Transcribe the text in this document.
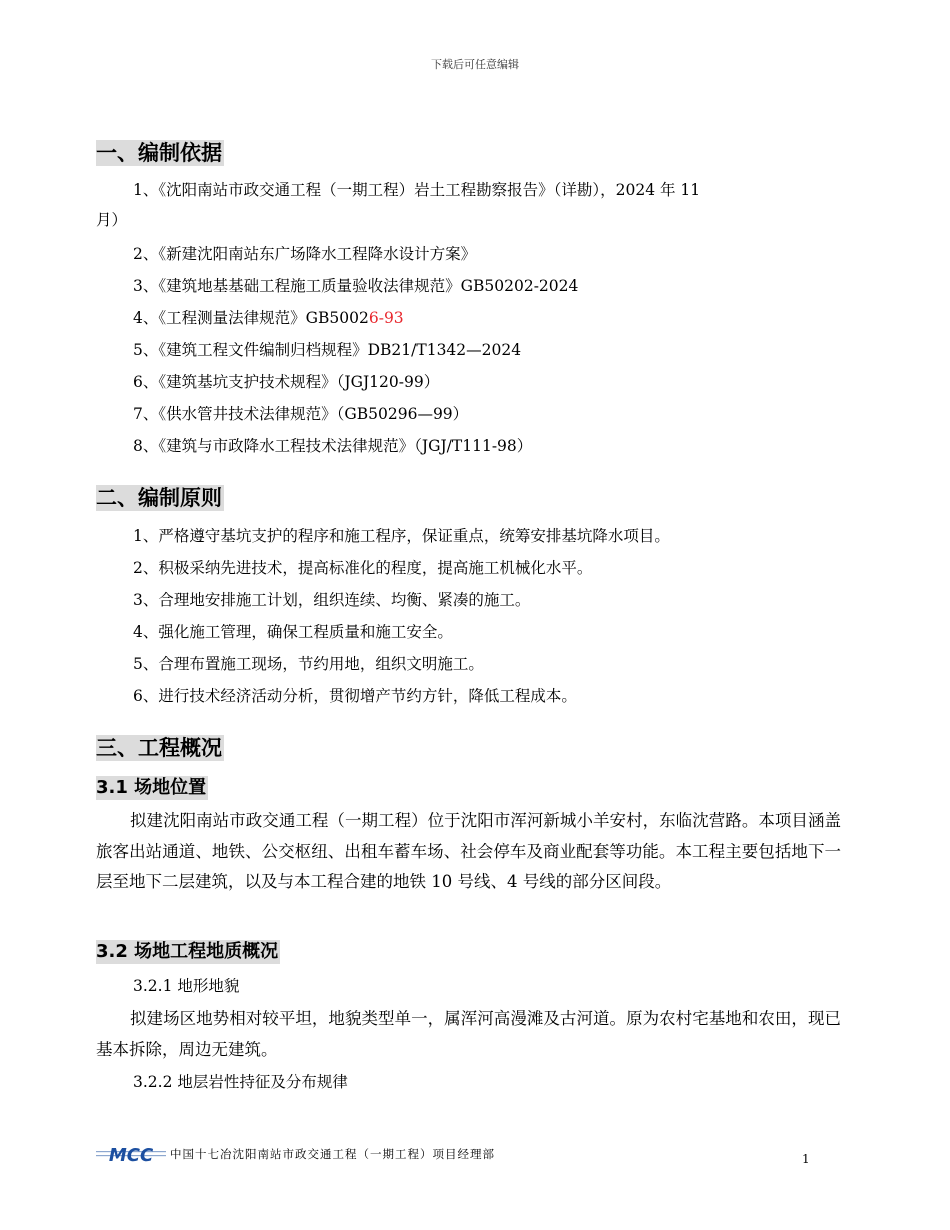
下载后可任意编辑
一、编制依据
1、《沈阳南站市政交通工程（一期工程）岩土工程勘察报告》（详勘），2024 年 11
月）
2、《新建沈阳南站东广场降水工程降水设计方案》
3、《建筑地基基础工程施工质量验收法律规范》GB50202-2024
4、《工程测量法律规范》GB50026-93
5、《建筑工程文件编制归档规程》DB21/T1342—2024
6、《建筑基坑支护技术规程》（JGJ120-99）
7、《供水管井技术法律规范》（GB50296—99）
8、《建筑与市政降水工程技术法律规范》（JGJ/T111-98）
二、编制原则
1、严格遵守基坑支护的程序和施工程序，保证重点，统筹安排基坑降水项目。
2、积极采纳先进技术，提高标准化的程度，提高施工机械化水平。
3、合理地安排施工计划，组织连续、均衡、紧凑的施工。
4、强化施工管理，确保工程质量和施工安全。
5、合理布置施工现场，节约用地，组织文明施工。
6、进行技术经济活动分析，贯彻增产节约方针，降低工程成本。
三、工程概况
3.1 场地位置
拟建沈阳南站市政交通工程（一期工程）位于沈阳市浑河新城小羊安村，东临沈营路。本项目涵盖旅客出站通道、地铁、公交枢纽、出租车蓄车场、社会停车及商业配套等功能。本工程主要包括地下一层至地下二层建筑，以及与本工程合建的地铁 10 号线、4 号线的部分区间段。
3.2 场地工程地质概况
3.2.1 地形地貌
拟建场区地势相对较平坦，地貌类型单一，属浑河高漫滩及古河道。原为农村宅基地和农田，现已基本拆除，周边无建筑。
3.2.2 地层岩性持征及分布规律
MCC 中国十七冶沈阳南站市政交通工程（一期工程）项目经理部	1
